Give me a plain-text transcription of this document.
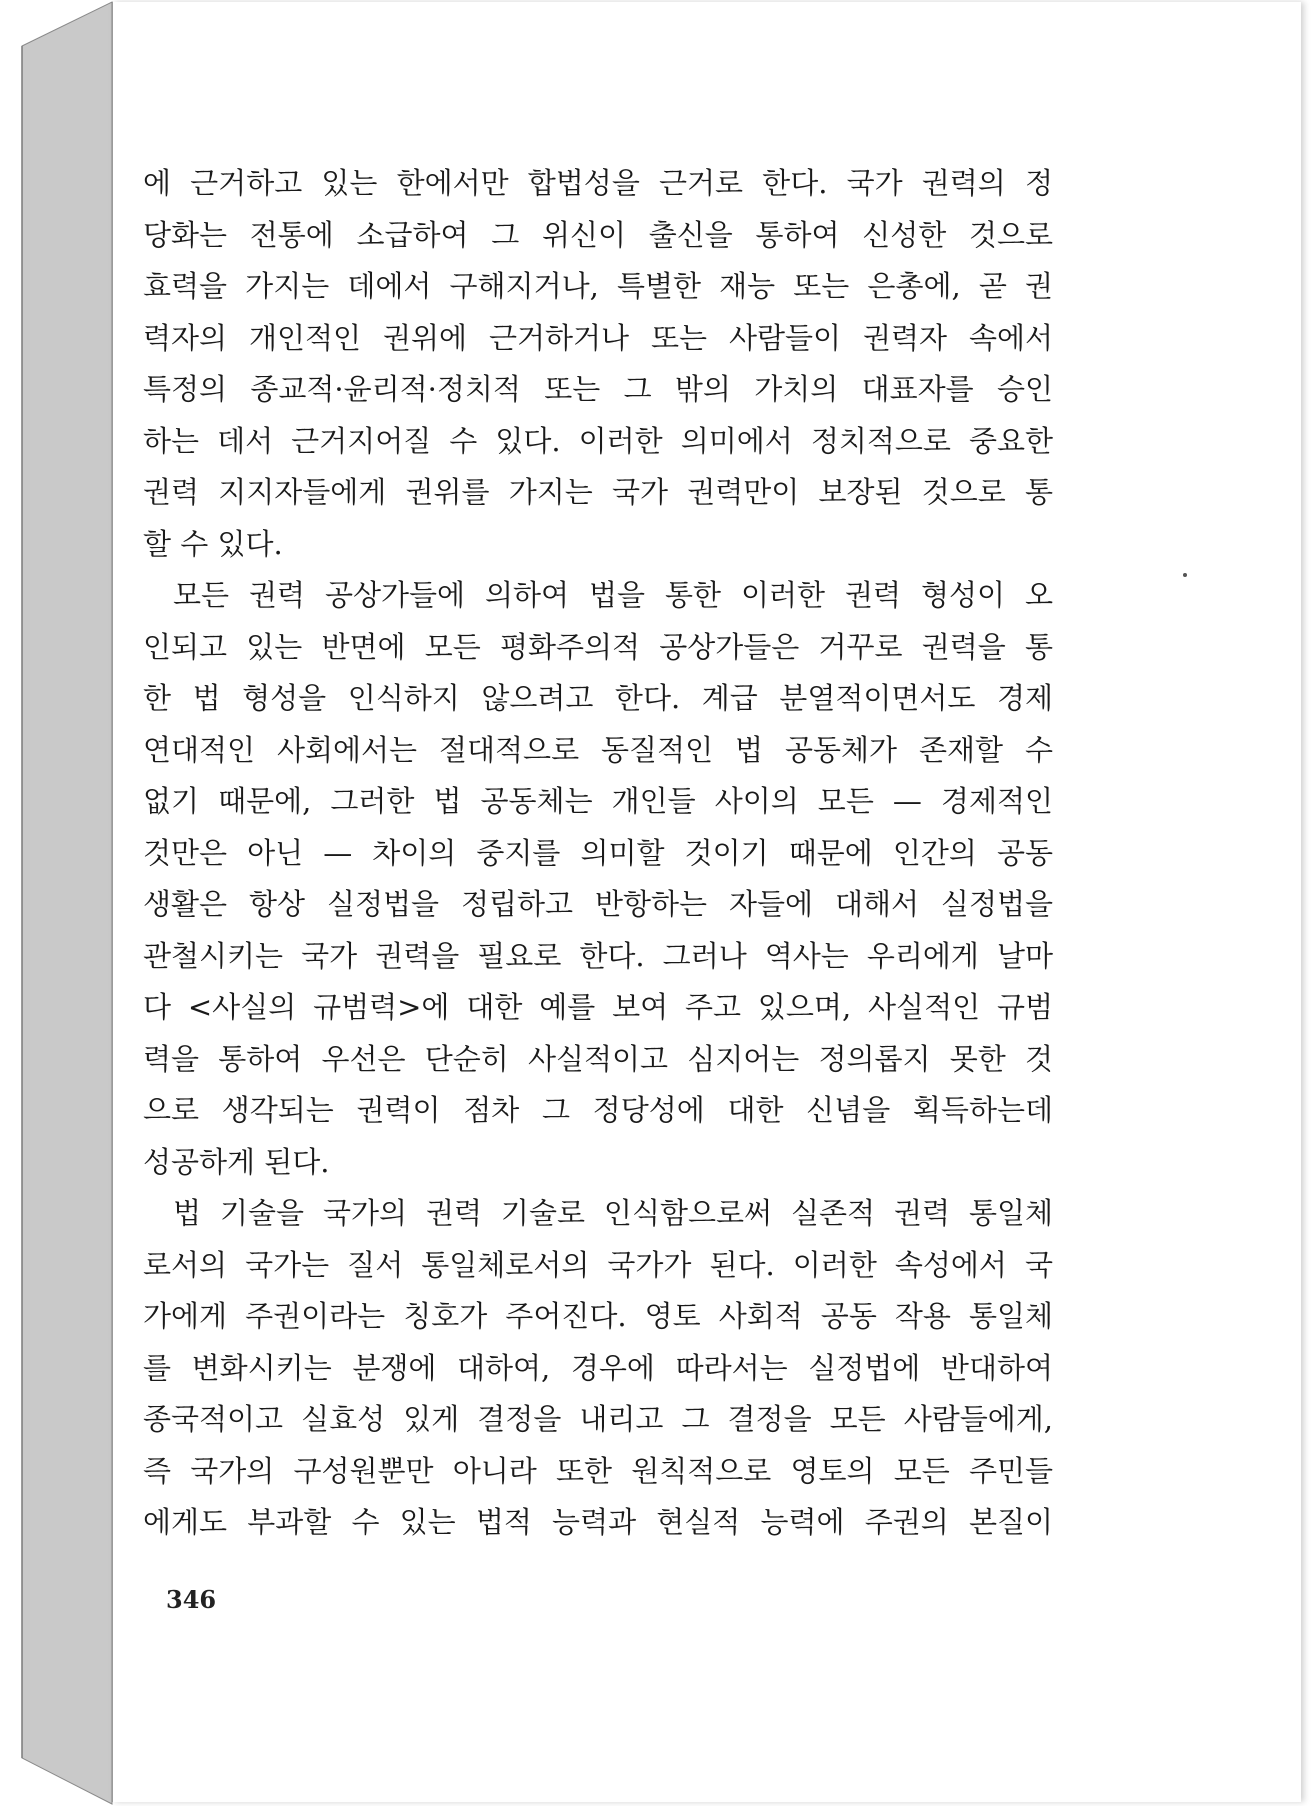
에 근거하고 있는 한에서만 합법성을 근거로 한다. 국가 권력의 정
당화는 전통에 소급하여 그 위신이 출신을 통하여 신성한 것으로
효력을 가지는 데에서 구해지거나, 특별한 재능 또는 은총에, 곧 권
력자의 개인적인 권위에 근거하거나 또는 사람들이 권력자 속에서
특정의 종교적·윤리적·정치적 또는 그 밖의 가치의 대표자를 승인
하는 데서 근거지어질 수 있다. 이러한 의미에서 정치적으로 중요한
권력 지지자들에게 권위를 가지는 국가 권력만이 보장된 것으로 통
할 수 있다.
모든 권력 공상가들에 의하여 법을 통한 이러한 권력 형성이 오
인되고 있는 반면에 모든 평화주의적 공상가들은 거꾸로 권력을 통
한 법 형성을 인식하지 않으려고 한다. 계급 분열적이면서도 경제
연대적인 사회에서는 절대적으로 동질적인 법 공동체가 존재할 수
없기 때문에, 그러한 법 공동체는 개인들 사이의 모든 — 경제적인
것만은 아닌 — 차이의 중지를 의미할 것이기 때문에 인간의 공동
생활은 항상 실정법을 정립하고 반항하는 자들에 대해서 실정법을
관철시키는 국가 권력을 필요로 한다. 그러나 역사는 우리에게 날마
다 <사실의 규범력>에 대한 예를 보여 주고 있으며, 사실적인 규범
력을 통하여 우선은 단순히 사실적이고 심지어는 정의롭지 못한 것
으로 생각되는 권력이 점차 그 정당성에 대한 신념을 획득하는데
성공하게 된다.
법 기술을 국가의 권력 기술로 인식함으로써 실존적 권력 통일체
로서의 국가는 질서 통일체로서의 국가가 된다. 이러한 속성에서 국
가에게 주권이라는 칭호가 주어진다. 영토 사회적 공동 작용 통일체
를 변화시키는 분쟁에 대하여, 경우에 따라서는 실정법에 반대하여
종국적이고 실효성 있게 결정을 내리고 그 결정을 모든 사람들에게,
즉 국가의 구성원뿐만 아니라 또한 원칙적으로 영토의 모든 주민들
에게도 부과할 수 있는 법적 능력과 현실적 능력에 주권의 본질이
346
